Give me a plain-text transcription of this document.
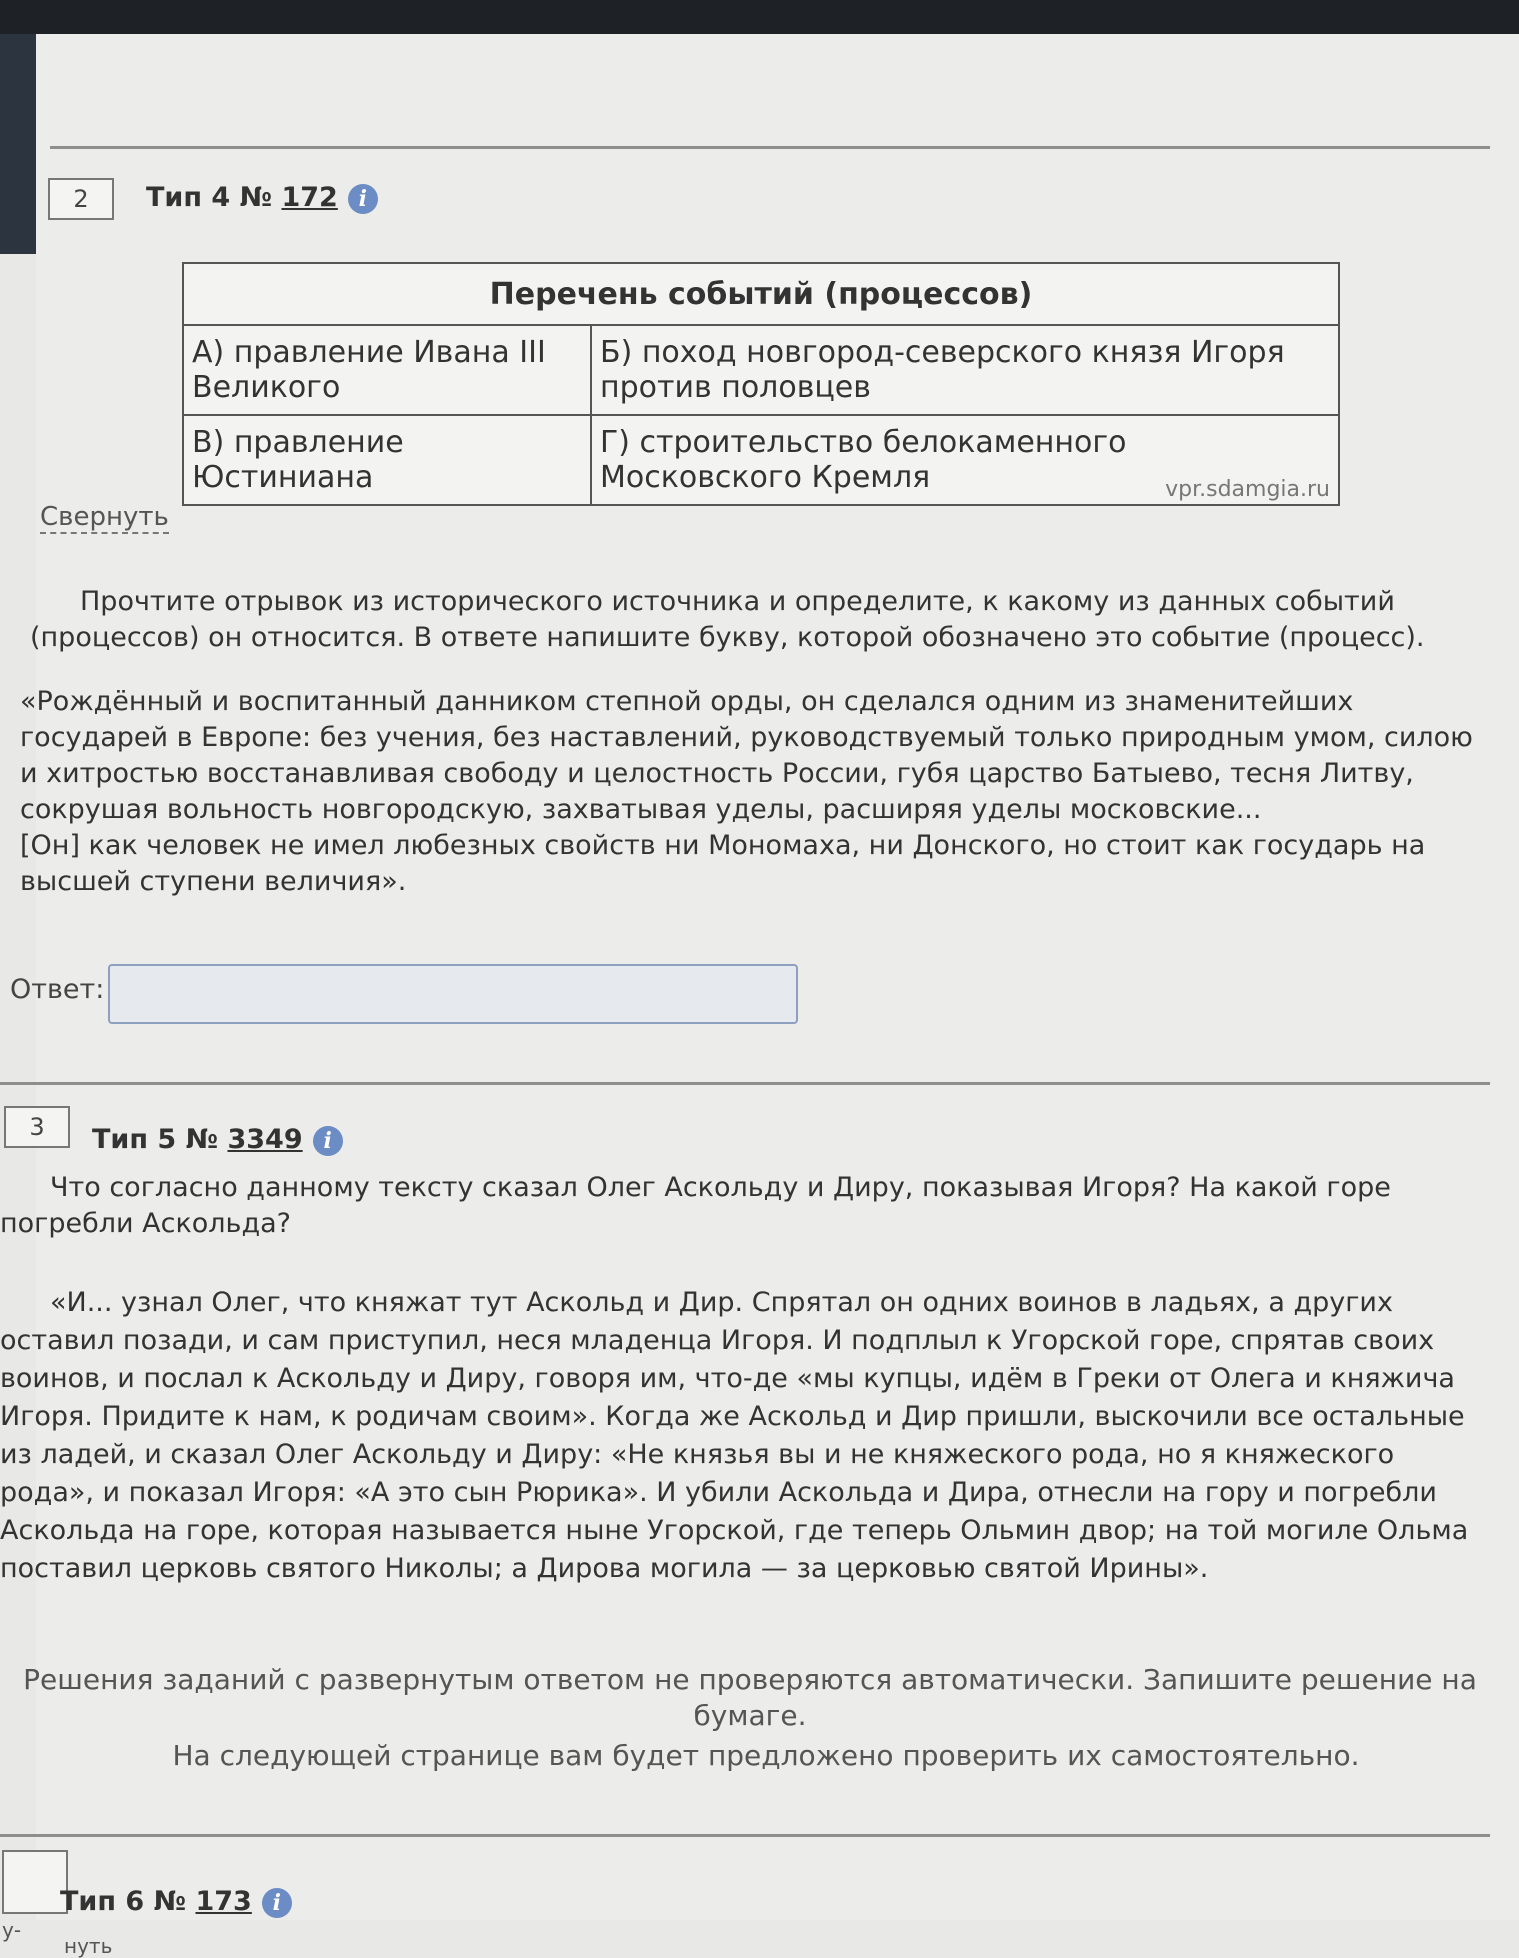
2	Тип 4 № 172 i
Перечень событий (процессов)	
А) правление Ивана III Великого	Б) поход новгород-северского князя Игоря против половцев
В) правление Юстиниана	Г) строительство белокаменного Московского Кремля vpr.sdamgia.ru
Свернуть
Прочтите отрывок из исторического источника и определите, к какому из данных событий (процессов) он относится. В ответе напишите букву, которой обозначено это событие (процесс).

«Рождённый и воспитанный данником степной орды, он сделался одним из знаменитейших государей в Европе: без учения, без наставлений, руководствуемый только природным умом, силою и хитростью восстанавливая свободу и целостность России, губя царство Батыево, тесня Литву, сокрушая вольность новгородскую, захватывая уделы, расширяя уделы московские...

[Он] как человек не имел любезных свойств ни Мономаха, ни Донского, но стоит как государь на высшей ступени величия».

Ответ:
3	Тип 5 № 3349 i
Что согласно данному тексту сказал Олег Аскольду и Диру, показывая Игоря? На какой горе погребли Аскольда?
«И... узнал Олег, что княжат тут Аскольд и Дир. Спрятал он одних воинов в ладьях, а других оставил позади, и сам приступил, неся младенца Игоря. И подплыл к Угорской горе, спрятав своих воинов, и послал к Аскольду и Диру, говоря им, что-де «мы купцы, идём в Греки от Олега и княжича Игоря. Придите к нам, к родичам своим». Когда же Аскольд и Дир пришли, выскочили все остальные из ладей, и сказал Олег Аскольду и Диру: «Не князья вы и не княжеского рода, но я княжеского рода», и показал Игоря: «А это сын Рюрика». И убили Аскольда и Дира, отнесли на гору и погребли Аскольда на горе, которая называется ныне Угорской, где теперь Ольмин двор; на той могиле Ольма поставил церковь святого Николы; а Дирова могила — за церковью святой Ирины».
Решения заданий с развернутым ответом не проверяются автоматически. Запишите решение на бумаге.
На следующей странице вам будет предложено проверить их самостоятельно.
Тип 6 № 173 i
у-
нуть
